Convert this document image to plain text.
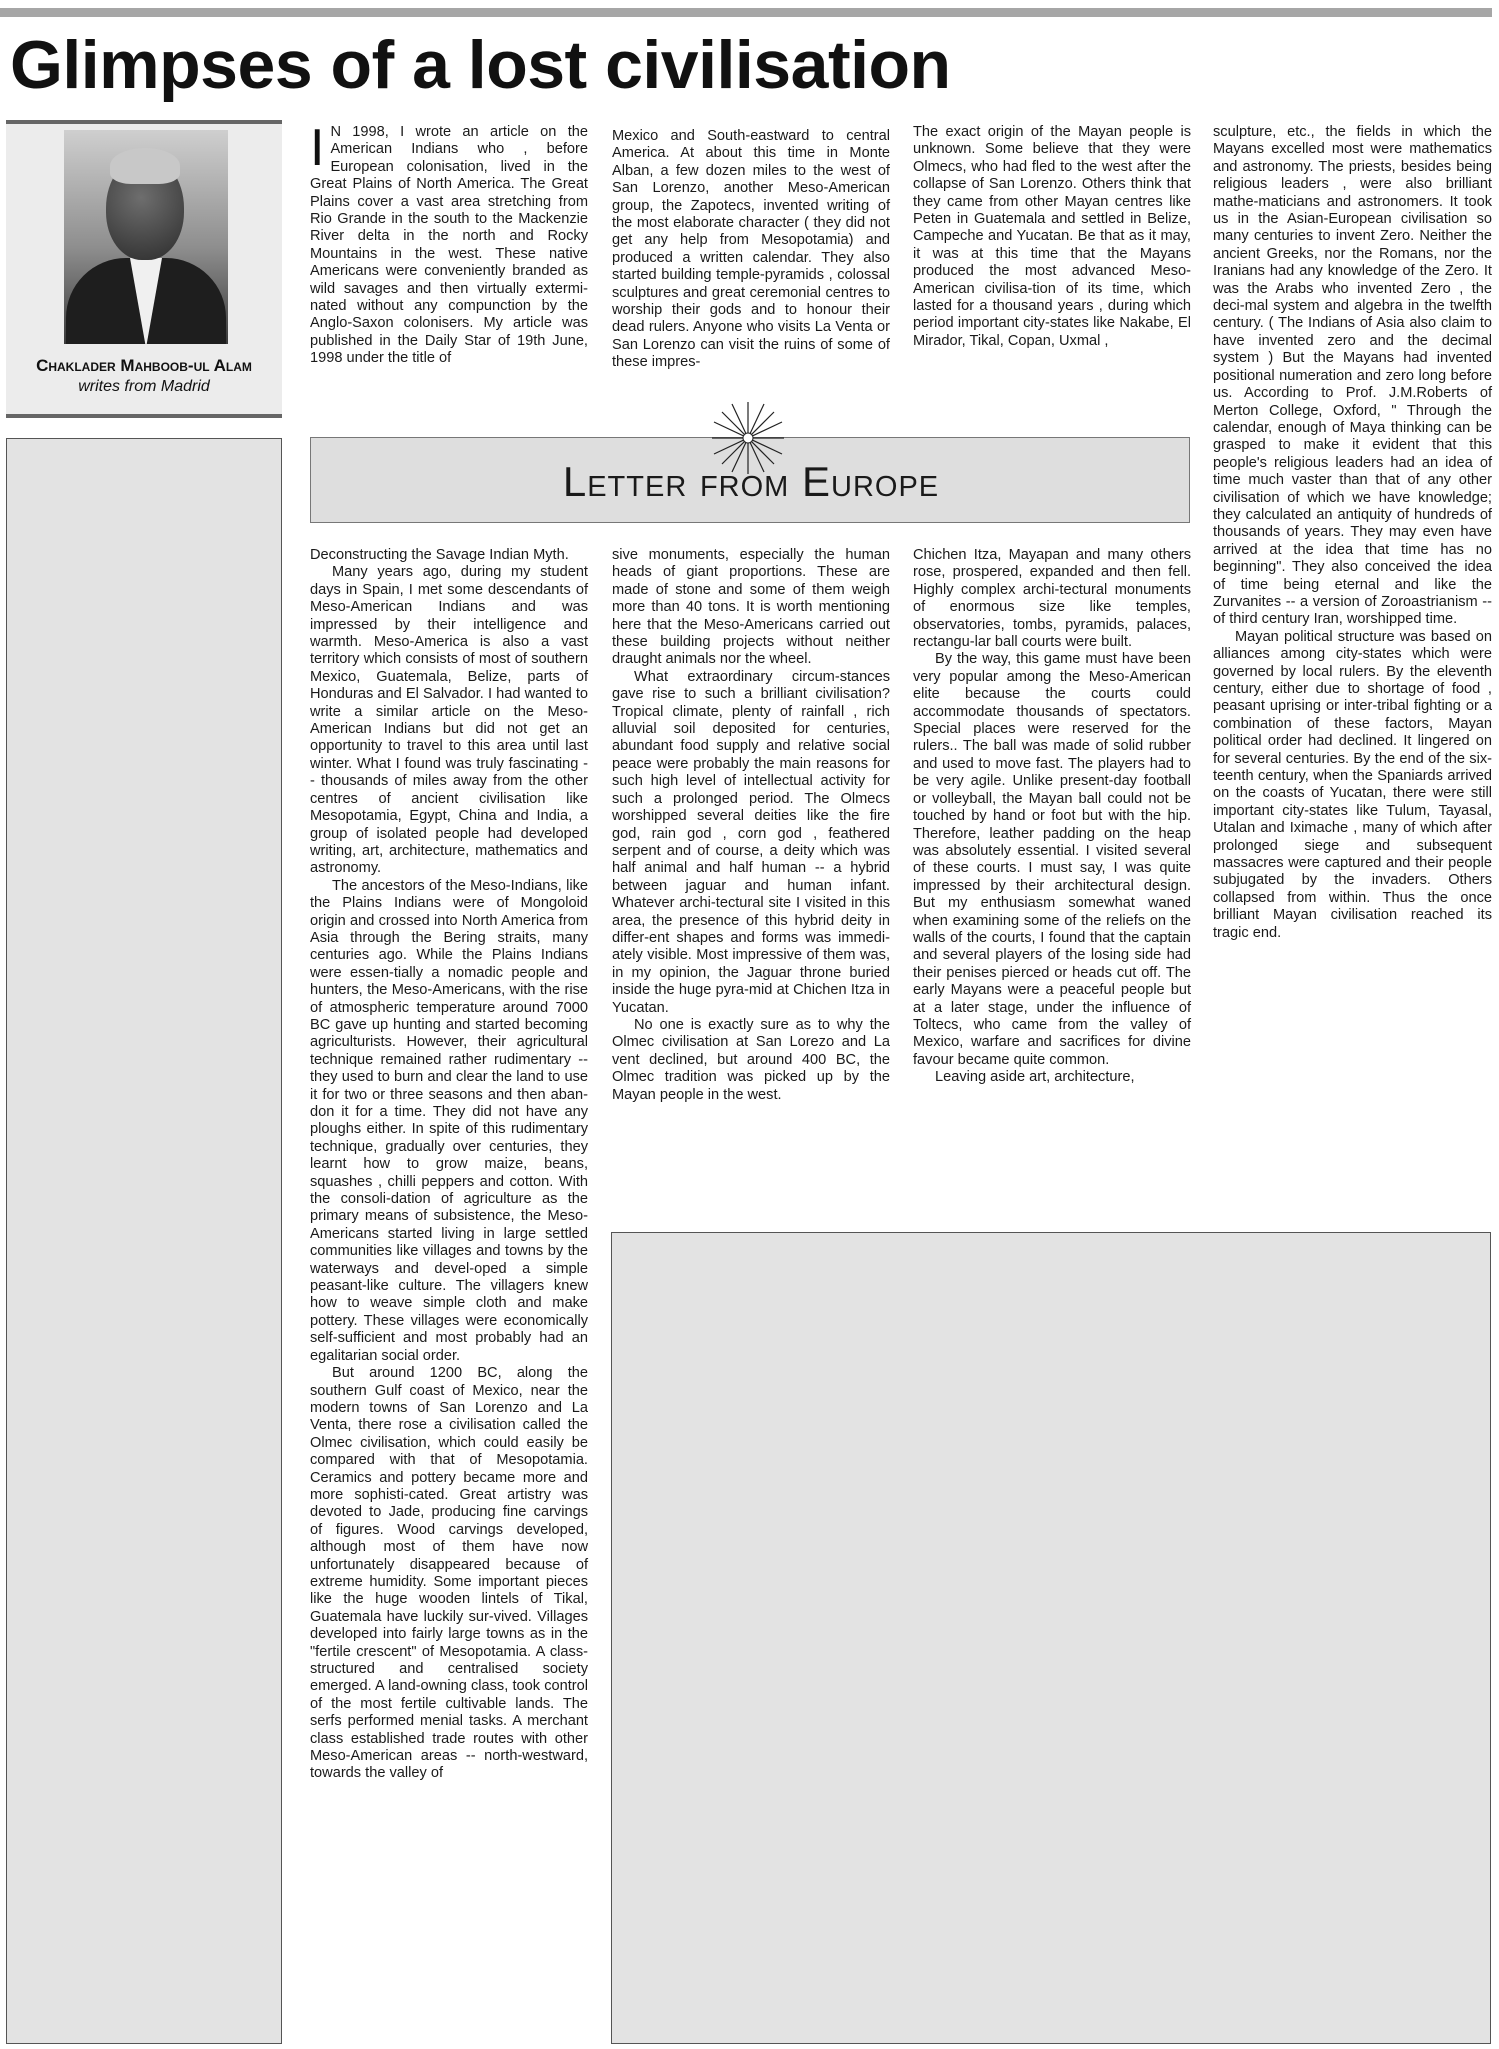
Glimpses of a lost civilisation
Chaklader Mahboob-ul Alam
writes from Madrid

I N 1998, I wrote an article on the American Indians who , before European colonisation, lived in the Great Plains of North America. The Great Plains cover a vast area stretching from Rio Grande in the south to the Mackenzie River delta in the north and Rocky Mountains in the west. These native Americans were conveniently branded as wild savages and then virtually extermi-nated without any compunction by the Anglo-Saxon colonisers. My article was published in the Daily Star of 19th June, 1998 under the title of

Mexico and South-eastward to central America. At about this time in Monte Alban, a few dozen miles to the west of San Lorenzo, another Meso-American group, the Zapotecs, invented writing of the most elaborate character ( they did not get any help from Mesopotamia) and produced a written calendar. They also started building temple-pyramids , colossal sculptures and great ceremonial centres to worship their gods and to honour their dead rulers. Anyone who visits La Venta or San Lorenzo can visit the ruins of some of these impres-

The exact origin of the Mayan people is unknown. Some believe that they were Olmecs, who had fled to the west after the collapse of San Lorenzo. Others think that they came from other Mayan centres like Peten in Guatemala and settled in Belize, Campeche and Yucatan. Be that as it may, it was at this time that the Mayans produced the most advanced Meso-American civilisa-tion of its time, which lasted for a thousand years , during which period important city-states like Nakabe, El Mirador, Tikal, Copan, Uxmal ,

sculpture, etc., the fields in which the Mayans excelled most were mathematics and astronomy. The priests, besides being religious leaders , were also brilliant mathe-maticians and astronomers. It took us in the Asian-European civilisation so many centuries to invent Zero. Neither the ancient Greeks, nor the Romans, nor the Iranians had any knowledge of the Zero. It was the Arabs who invented Zero , the deci-mal system and algebra in the twelfth century. ( The Indians of Asia also claim to have invented zero and the decimal system ) But the Mayans had invented positional numeration and zero long before us. According to Prof. J.M.Roberts of Merton College, Oxford, " Through the calendar, enough of Maya thinking can be grasped to make it evident that this people's religious leaders had an idea of time much vaster than that of any other civilisation of which we have knowledge; they calculated an antiquity of hundreds of thousands of years. They may even have arrived at the idea that time has no beginning". They also conceived the idea of time being eternal and like the Zurvanites -- a version of Zoroastrianism -- of third century Iran, worshipped time.

Mayan political structure was based on alliances among city-states which were governed by local rulers. By the eleventh century, either due to shortage of food , peasant uprising or inter-tribal fighting or a combination of these factors, Mayan political order had declined. It lingered on for several centuries. By the end of the six-teenth century, when the Spaniards arrived on the coasts of Yucatan, there were still important city-states like Tulum, Tayasal, Utalan and Iximache , many of which after prolonged siege and subsequent massacres were captured and their people subjugated by the invaders. Others collapsed from within. Thus the once brilliant Mayan civilisation reached its tragic end.

Letter from Europe

Deconstructing the Savage Indian Myth.

Many years ago, during my student days in Spain, I met some descendants of Meso-American Indians and was impressed by their intelligence and warmth. Meso-America is also a vast territory which consists of most of southern Mexico, Guatemala, Belize, parts of Honduras and El Salvador. I had wanted to write a similar article on the Meso-American Indians but did not get an opportunity to travel to this area until last winter. What I found was truly fascinating -- thousands of miles away from the other centres of ancient civilisation like Mesopotamia, Egypt, China and India, a group of isolated people had developed writing, art, architecture, mathematics and astronomy.

The ancestors of the Meso-Indians, like the Plains Indians were of Mongoloid origin and crossed into North America from Asia through the Bering straits, many centuries ago. While the Plains Indians were essen-tially a nomadic people and hunters, the Meso-Americans, with the rise of atmospheric temperature around 7000 BC gave up hunting and started becoming agriculturists. However, their agricultural technique remained rather rudimentary -- they used to burn and clear the land to use it for two or three seasons and then aban-don it for a time. They did not have any ploughs either. In spite of this rudimentary technique, gradually over centuries, they learnt how to grow maize, beans, squashes , chilli peppers and cotton. With the consoli-dation of agriculture as the primary means of subsistence, the Meso-Americans started living in large settled communities like villages and towns by the waterways and devel-oped a simple peasant-like culture. The villagers knew how to weave simple cloth and make pottery. These villages were economically self-sufficient and most probably had an egalitarian social order.

But around 1200 BC, along the southern Gulf coast of Mexico, near the modern towns of San Lorenzo and La Venta, there rose a civilisation called the Olmec civilisation, which could easily be compared with that of Mesopotamia. Ceramics and pottery became more and more sophisti-cated. Great artistry was devoted to Jade, producing fine carvings of figures. Wood carvings developed, although most of them have now unfortunately disappeared because of extreme humidity. Some important pieces like the huge wooden lintels of Tikal, Guatemala have luckily sur-vived. Villages developed into fairly large towns as in the "fertile crescent" of Mesopotamia. A class-structured and centralised society emerged. A land-owning class, took control of the most fertile cultivable lands. The serfs performed menial tasks. A merchant class established trade routes with other Meso-American areas -- north-westward, towards the valley of

sive monuments, especially the human heads of giant proportions. These are made of stone and some of them weigh more than 40 tons. It is worth mentioning here that the Meso-Americans carried out these building projects without neither draught animals nor the wheel.

What extraordinary circum-stances gave rise to such a brilliant civilisation? Tropical climate, plenty of rainfall , rich alluvial soil deposited for centuries, abundant food supply and relative social peace were probably the main reasons for such high level of intellectual activity for such a prolonged period. The Olmecs worshipped several deities like the fire god, rain god , corn god , feathered serpent and of course, a deity which was half animal and half human -- a hybrid between jaguar and human infant. Whatever archi-tectural site I visited in this area, the presence of this hybrid deity in differ-ent shapes and forms was immedi-ately visible. Most impressive of them was, in my opinion, the Jaguar throne buried inside the huge pyra-mid at Chichen Itza in Yucatan.

No one is exactly sure as to why the Olmec civilisation at San Lorezo and La vent declined, but around 400 BC, the Olmec tradition was picked up by the Mayan people in the west.

Chichen Itza, Mayapan and many others rose, prospered, expanded and then fell. Highly complex archi-tectural monuments of enormous size like temples, observatories, tombs, pyramids, palaces, rectangu-lar ball courts were built.

By the way, this game must have been very popular among the Meso-American elite because the courts could accommodate thousands of spectators. Special places were reserved for the rulers.. The ball was made of solid rubber and used to move fast. The players had to be very agile. Unlike present-day football or volleyball, the Mayan ball could not be touched by hand or foot but with the hip. Therefore, leather padding on the heap was absolutely essential. I visited several of these courts. I must say, I was quite impressed by their architectural design. But my enthusiasm somewhat waned when examining some of the reliefs on the walls of the courts, I found that the captain and several players of the losing side had their penises pierced or heads cut off. The early Mayans were a peaceful people but at a later stage, under the influence of Toltecs, who came from the valley of Mexico, warfare and sacrifices for divine favour became quite common.

Leaving aside art, architecture,
